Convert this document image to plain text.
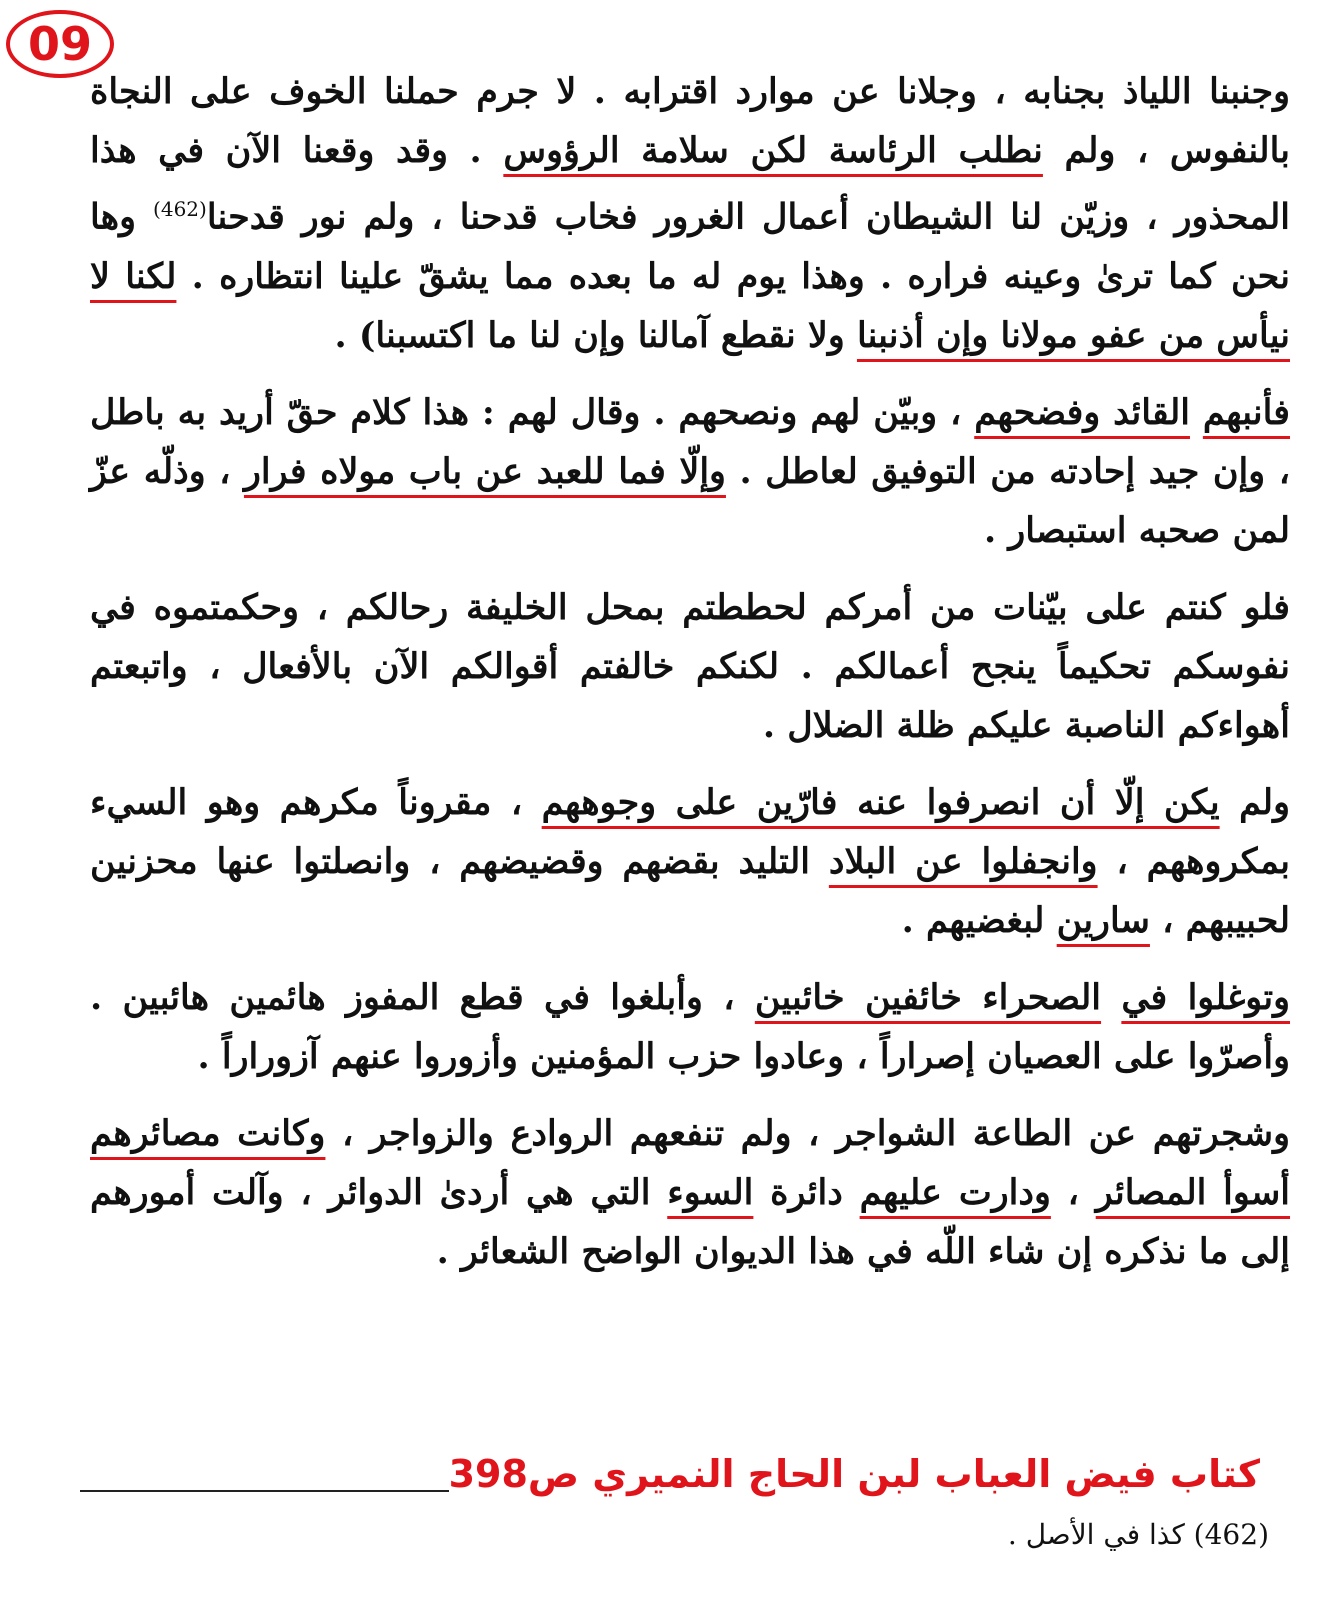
09

وجنبنا اللياذ بجنابه ، وجلانا عن موارد اقترابه . لا جرم حملنا الخوف على النجاة بالنفوس ، ولم نطلب الرئاسة لكن سلامة الرؤوس . وقد وقعنا الآن في هذا المحذور ، وزيّن لنا الشيطان أعمال الغرور فخاب قدحنا ، ولم نور قدحنا$^{(462)}$ وها نحن كما ترىٰ وعينه فراره . وهذا يوم له ما بعده مما يشقّ علينا انتظاره . لكنا لا نيأس من عفو مولانا وإن أذنبنا ولا نقطع آمالنا وإن لنا ما اكتسبنا) .

فأنبهم القائد وفضحهم ، وبيّن لهم ونصحهم . وقال لهم : هذا كلام حقّ أريد به باطل ، وإن جيد إحادته من التوفيق لعاطل . وإلّا فما للعبد عن باب مولاه فرار ، وذلّه عزّ لمن صحبه استبصار .

فلو كنتم على بيّنات من أمركم لحططتم بمحل الخليفة رحالكم ، وحكمتموه في نفوسكم تحكيماً ينجح أعمالكم . لكنكم خالفتم أقوالكم الآن بالأفعال ، واتبعتم أهواءكم الناصبة عليكم ظلة الضلال .

ولم يكن إلّا أن انصرفوا عنه فارّين على وجوههم ، مقروناً مكرهم وهو السيء بمكروههم ، وانجفلوا عن البلاد التليد بقضهم وقضيضهم ، وانصلتوا عنها محزنين لحبيبهم ، سارين لبغضيهم .

وتوغلوا في الصحراء خائفين خائبين ، وأبلغوا في قطع المفوز هائمين هائبين . وأصرّوا على العصيان إصراراً ، وعادوا حزب المؤمنين وأزوروا عنهم آزوراراً .

وشجرتهم عن الطاعة الشواجر ، ولم تنفعهم الروادع والزواجر ، وكانت مصائرهم أسوأ المصائر ، ودارت عليهم دائرة السوء التي هي أردىٰ الدوائر ، وآلت أمورهم إلى ما نذكره إن شاء اللّه في هذا الديوان الواضح الشعائر .

كتاب فيض العباب لبن الحاج النميري ص398
(462) كذا في الأصل .
